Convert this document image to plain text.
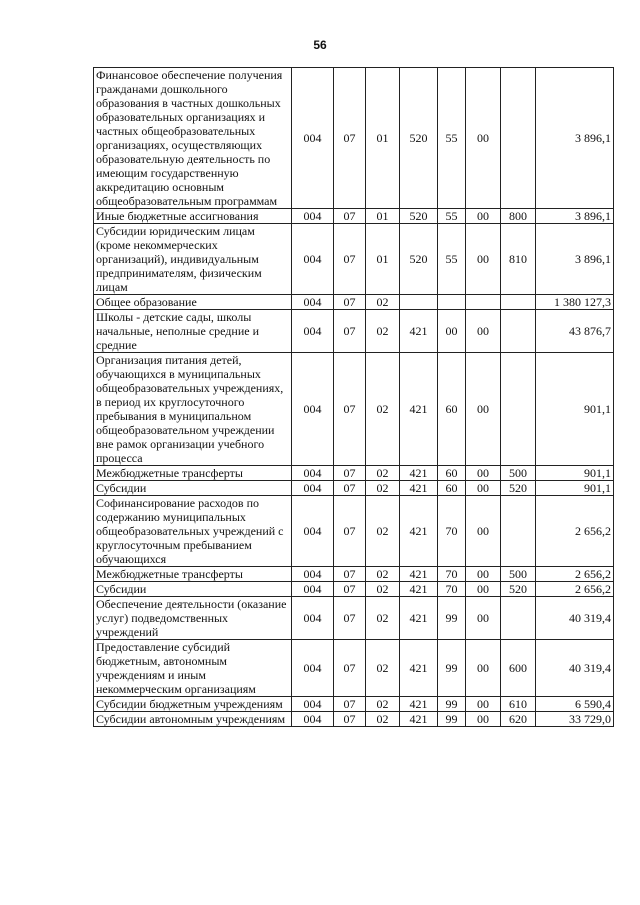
56
Финансовое обеспечение получения гражданами дошкольного образования в частных дошкольных образовательных организациях и частных общеобразовательных организациях, осуществляющих образовательную деятельность по имеющим государственную аккредитацию основным общеобразовательным программам	004	07	01	520	55	00		3 896,1
Иные бюджетные ассигнования	004	07	01	520	55	00	800	3 896,1
Субсидии юридическим лицам (кроме некоммерческих организаций), индивидуальным предпринимателям, физическим лицам	004	07	01	520	55	00	810	3 896,1
Общее образование	004	07	02					1 380 127,3
Школы - детские сады, школы начальные, неполные средние и средние	004	07	02	421	00	00		43 876,7
Организация питания детей, обучающихся в муниципальных общеобразовательных учреждениях, в период их круглосуточного пребывания в муниципальном общеобразовательном учреждении вне рамок организации учебного процесса	004	07	02	421	60	00		901,1
Межбюджетные трансферты	004	07	02	421	60	00	500	901,1
Субсидии	004	07	02	421	60	00	520	901,1
Софинансирование расходов по содержанию муниципальных общеобразовательных учреждений с круглосуточным пребыванием обучающихся	004	07	02	421	70	00		2 656,2
Межбюджетные трансферты	004	07	02	421	70	00	500	2 656,2
Субсидии	004	07	02	421	70	00	520	2 656,2
Обеспечение деятельности (оказание услуг) подведомственных учреждений	004	07	02	421	99	00		40 319,4
Предоставление субсидий бюджетным, автономным учреждениям и иным некоммерческим организациям	004	07	02	421	99	00	600	40 319,4
Субсидии бюджетным учреждениям	004	07	02	421	99	00	610	6 590,4
Субсидии автономным учреждениям	004	07	02	421	99	00	620	33 729,0
